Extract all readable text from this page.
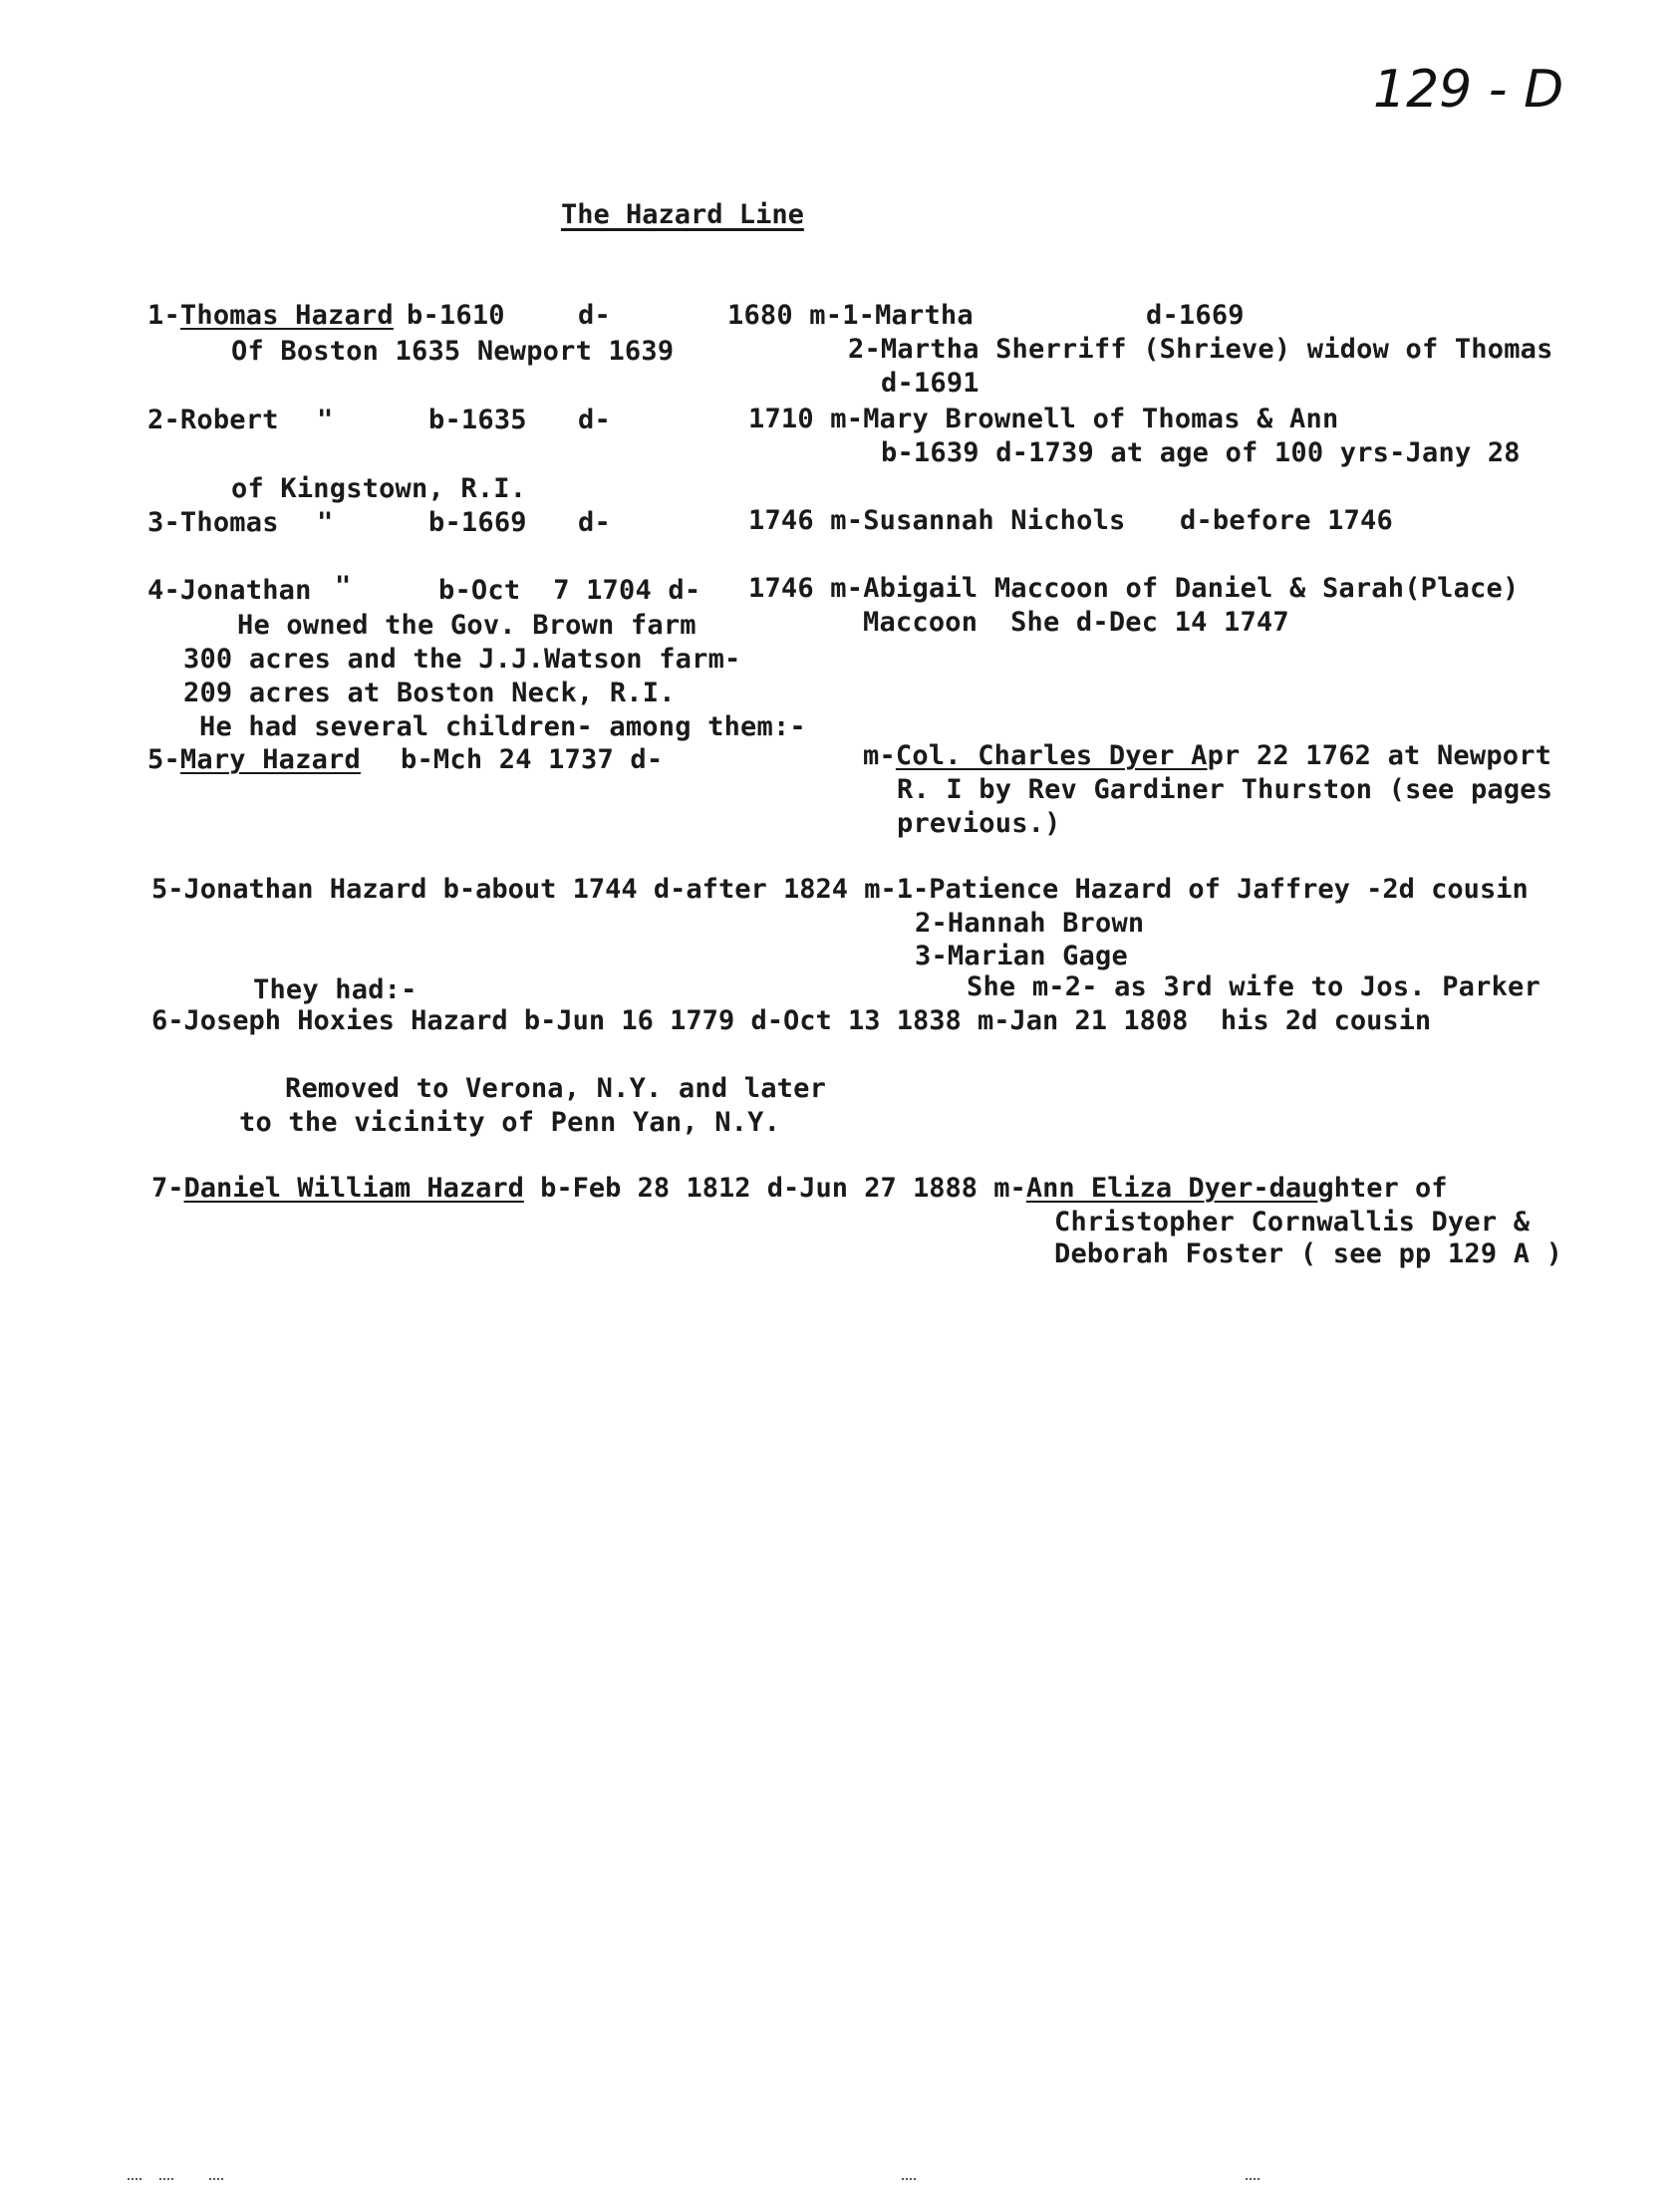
129 - D
The Hazard Line
1-Thomas Hazard b-1610	d-	1680 m-1-Martha	d-1669
Of Boston 1635 Newport 1639	2-Martha Sherriff (Shrieve) widow of Thomas
d-1691
2-Robert "	b-1635 d-	1710 m-Mary Brownell of Thomas & Ann
b-1639 d-1739 at age of 100 yrs-Jany 28
of Kingstown, R.I.
3-Thomas "	b-1669 d-	1746 m-Susannah Nichols d-before 1746
4-Jonathan "	b-Oct  7 1704 d- 1746 m-Abigail Maccoon of Daniel & Sarah(Place)
Maccoon  She d-Dec 14 1747
He owned the Gov. Brown farm
300 acres and the J.J.Watson farm-
209 acres at Boston Neck, R.I.
He had several children- among them:-
5-Mary Hazard b-Mch 24 1737 d-	m-Col. Charles Dyer Apr 22 1762 at Newport
R. I by Rev Gardiner Thurston (see pages
previous.)
5-Jonathan Hazard b-about 1744 d-after 1824 m-1-Patience Hazard of Jaffrey -2d cousin
2-Hannah Brown
3-Marian Gage
They had:-	She m-2- as 3rd wife to Jos. Parker
6-Joseph Hoxies Hazard b-Jun 16 1779 d-Oct 13 1838 m-Jan 21 1808  his 2d cousin
Removed to Verona, N.Y. and later
to the vicinity of Penn Yan, N.Y.
7-Daniel William Hazard b-Feb 28 1812 d-Jun 27 1888 m-Ann Eliza Dyer-daughter of
Christopher Cornwallis Dyer &
Deborah Foster ( see pp 129 A )
